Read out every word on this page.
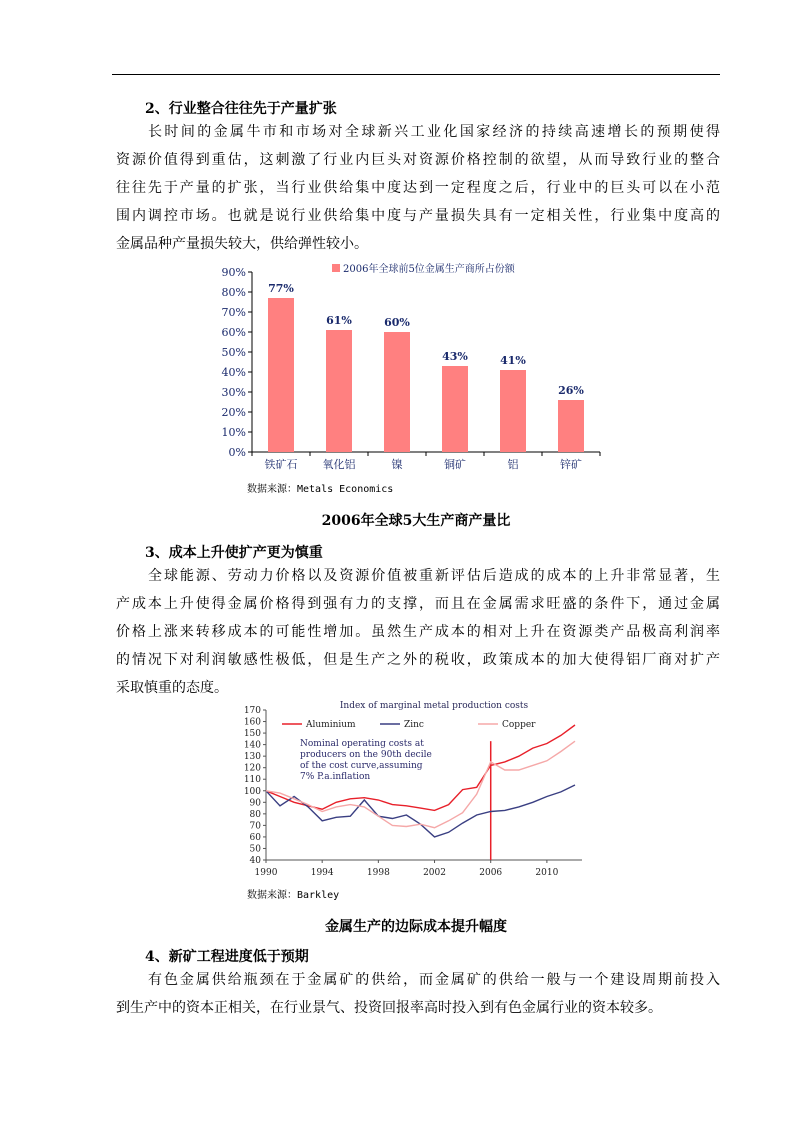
2、行业整合往往先于产量扩张
长时间的金属牛市和市场对全球新兴工业化国家经济的持续高速增长的预期使得
资源价值得到重估，这刺激了行业内巨头对资源价格控制的欲望，从而导致行业的整合
往往先于产量的扩张，当行业供给集中度达到一定程度之后，行业中的巨头可以在小范
围内调控市场。也就是说行业供给集中度与产量损失具有一定相关性，行业集中度高的
金属品种产量损失较大，供给弹性较小。
0%
10%
20%
30%
40%
50%
60%
70%
80%
90%
铁矿石 氧化铝	镍	铜矿	铝	锌矿
77%
61%	60%
43%	41%
26%
2006年全球前5位金属生产商所占份额
数据来源：Metals Economics
2006年全球5大生产商产量比
3、成本上升使扩产更为慎重
全球能源、劳动力价格以及资源价值被重新评估后造成的成本的上升非常显著，生
产成本上升使得金属价格得到强有力的支撑，而且在金属需求旺盛的条件下，通过金属
价格上涨来转移成本的可能性增加。虽然生产成本的相对上升在资源类产品极高利润率
的情况下对利润敏感性极低，但是生产之外的税收，政策成本的加大使得铝厂商对扩产
采取慎重的态度。
Index of marginal metal production costs
40
50
60
70
80
90
100
110
120
130
140
150
160
170
1990	1994	1998	2002	2006	2010
Nominal operating costs at
producers on the 90th decile
of the cost curve,assuming
7% P.a.inflation
Aluminium	Zinc	Copper
数据来源：Barkley
金属生产的边际成本提升幅度
4、新矿工程进度低于预期
有色金属供给瓶颈在于金属矿的供给，而金属矿的供给一般与一个建设周期前投入
到生产中的资本正相关，在行业景气、投资回报率高时投入到有色金属行业的资本较多。
